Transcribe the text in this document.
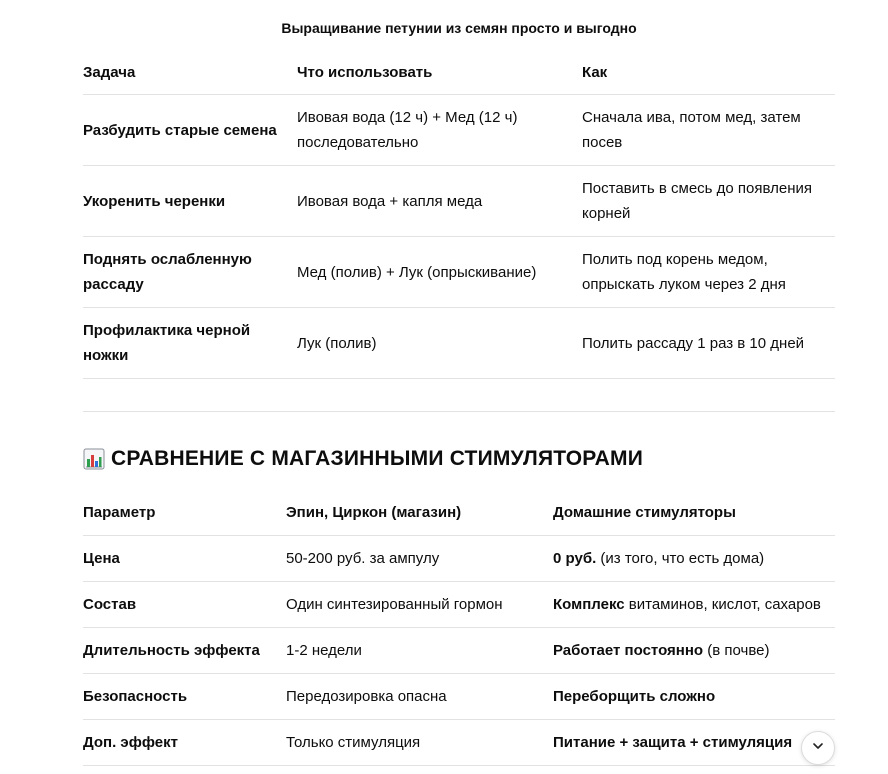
Выращивание петунии из семян просто и выгодно
Задача	Что использовать	Как
Разбудить старые семена	Ивовая вода (12 ч) + Мед (12 ч) последовательно	Сначала ива, потом мед, затем посев
Укоренить черенки	Ивовая вода + капля меда	Поставить в смесь до появления корней
Поднять ослабленную рассаду	Мед (полив) + Лук (опрыскивание)	Полить под корень медом, опрыскать луком через 2 дня
Профилактика черной ножки	Лук (полив)	Полить рассаду 1 раз в 10 дней
СРАВНЕНИЕ С МАГАЗИННЫМИ СТИМУЛЯТОРАМИ
Параметр	Эпин, Циркон (магазин)	Домашние стимуляторы
Цена	50-200 руб. за ампулу	0 руб. (из того, что есть дома)
Состав	Один синтезированный гормон	Комплекс витаминов, кислот, сахаров
Длительность эффекта	1-2 недели	Работает постоянно (в почве)
Безопасность	Передозировка опасна	Переборщить сложно
Доп. эффект	Только стимуляция	Питание + защита + стимуляция
